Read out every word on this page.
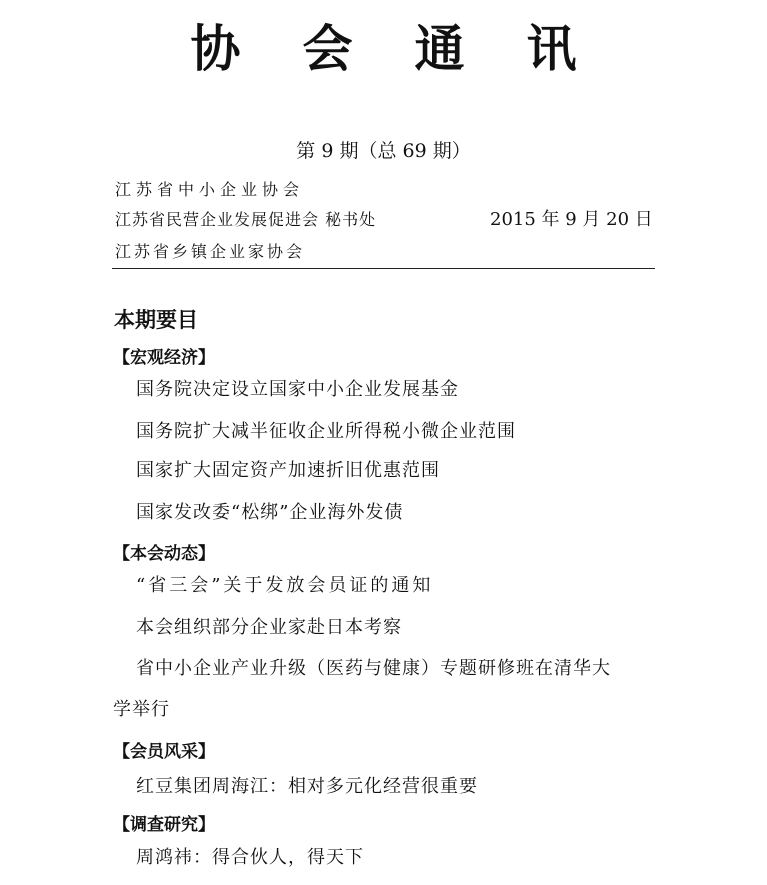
协 会 通 讯
第 9 期（总 69 期）
江苏省中小企业协会
江苏省民营企业发展促进会 秘书处
江苏省乡镇企业家协会
2015 年 9 月 20 日
本期要目
【宏观经济】
国务院决定设立国家中小企业发展基金
国务院扩大减半征收企业所得税小微企业范围
国家扩大固定资产加速折旧优惠范围
国家发改委“松绑”企业海外发债
【本会动态】
“省三会”关于发放会员证的通知
本会组织部分企业家赴日本考察
省中小企业产业升级（医药与健康）专题研修班在清华大
学举行
【会员风采】
红豆集团周海江：相对多元化经营很重要
【调查研究】
周鸿祎：得合伙人，得天下
